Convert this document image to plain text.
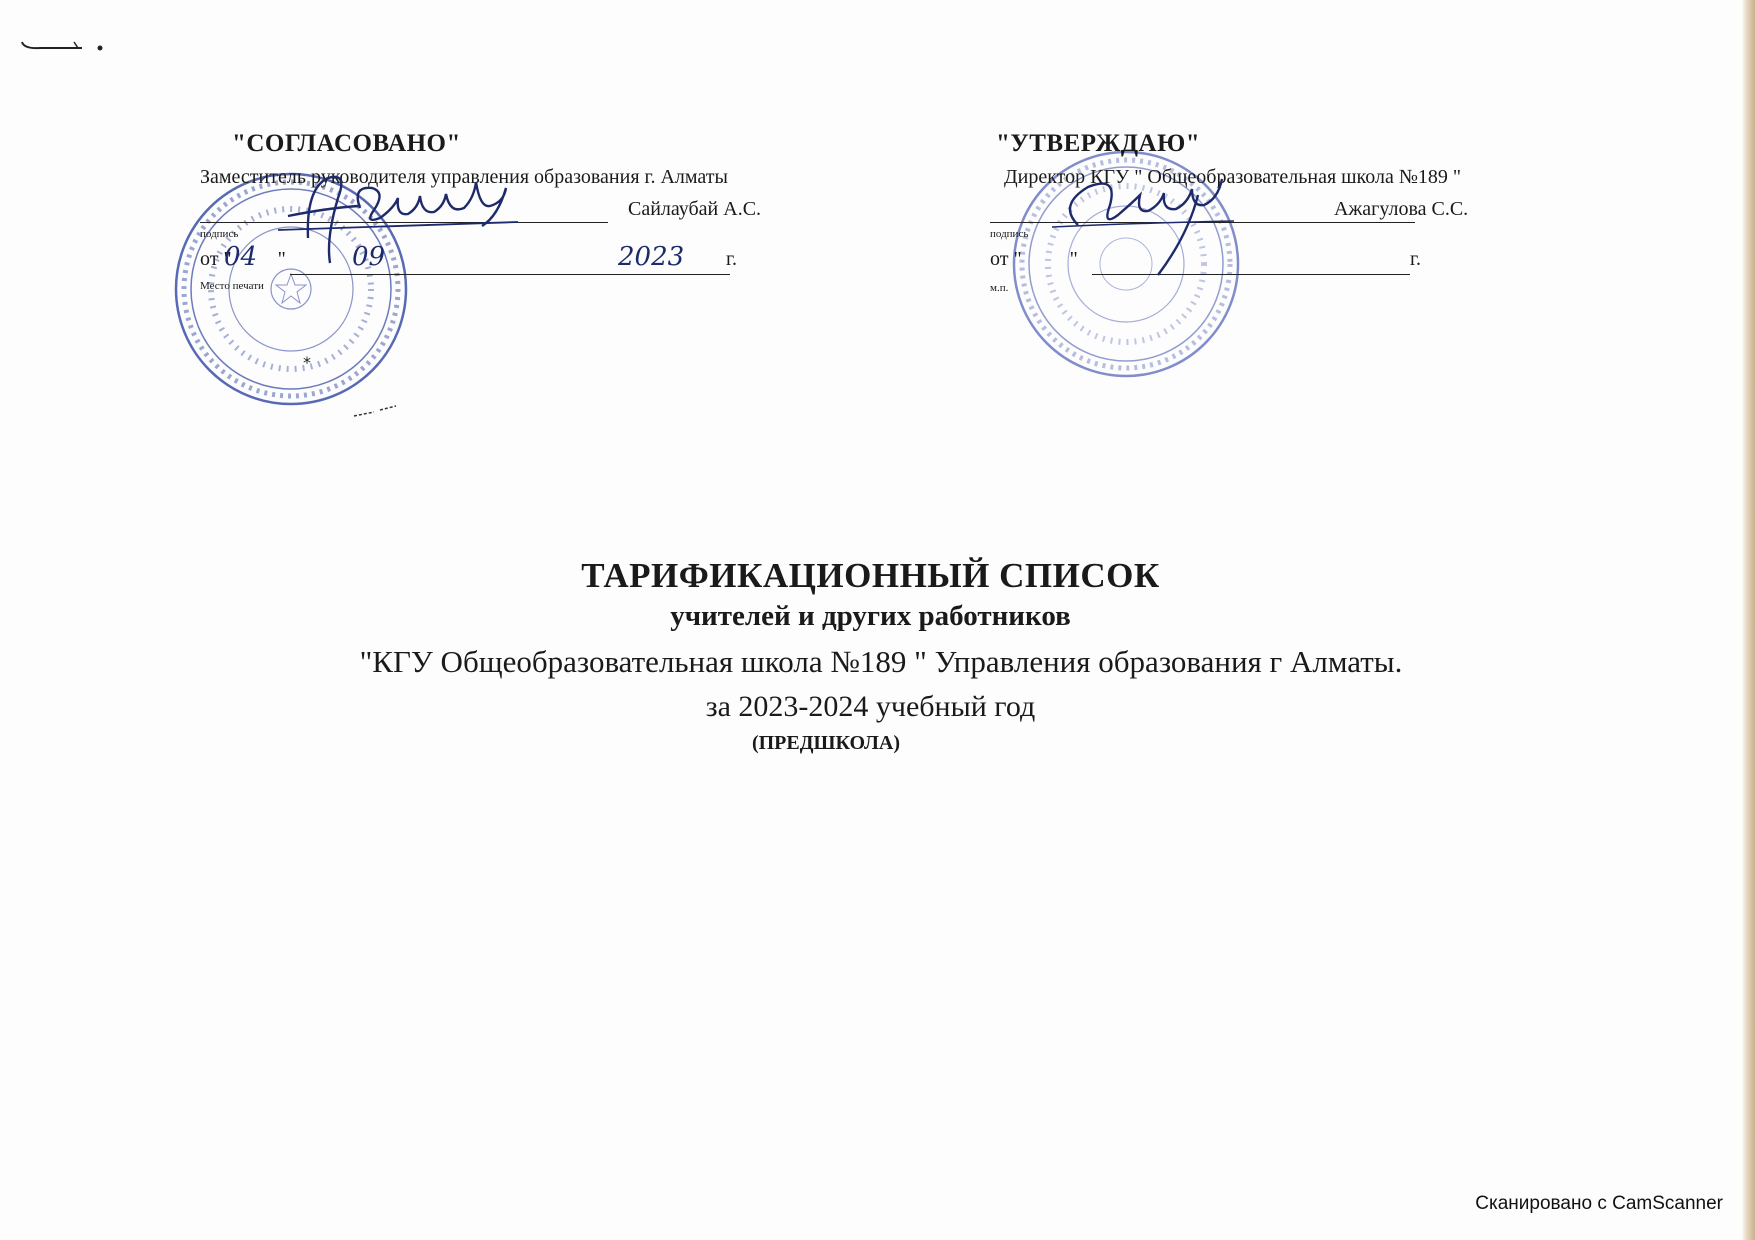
*
"СОГЛАСОВАНО"
Заместитель руководителя управления образования г. Алматы
Сайлаубай А.С.
подпись
от " "	г.
04	09	2023
Место печати
"УТВЕРЖДАЮ"
Директор КГУ " Общеобразовательная школа №189 "
Ажагулова С.С.
подпись
от " "	г.
м.п.
ТАРИФИКАЦИОННЫЙ СПИСОК
учителей и других работников
"КГУ Общеобразовательная школа №189 " Управления образования г Алматы.
за 2023-2024 учебный год
(ПРЕДШКОЛА)
Сканировано с CamScanner
